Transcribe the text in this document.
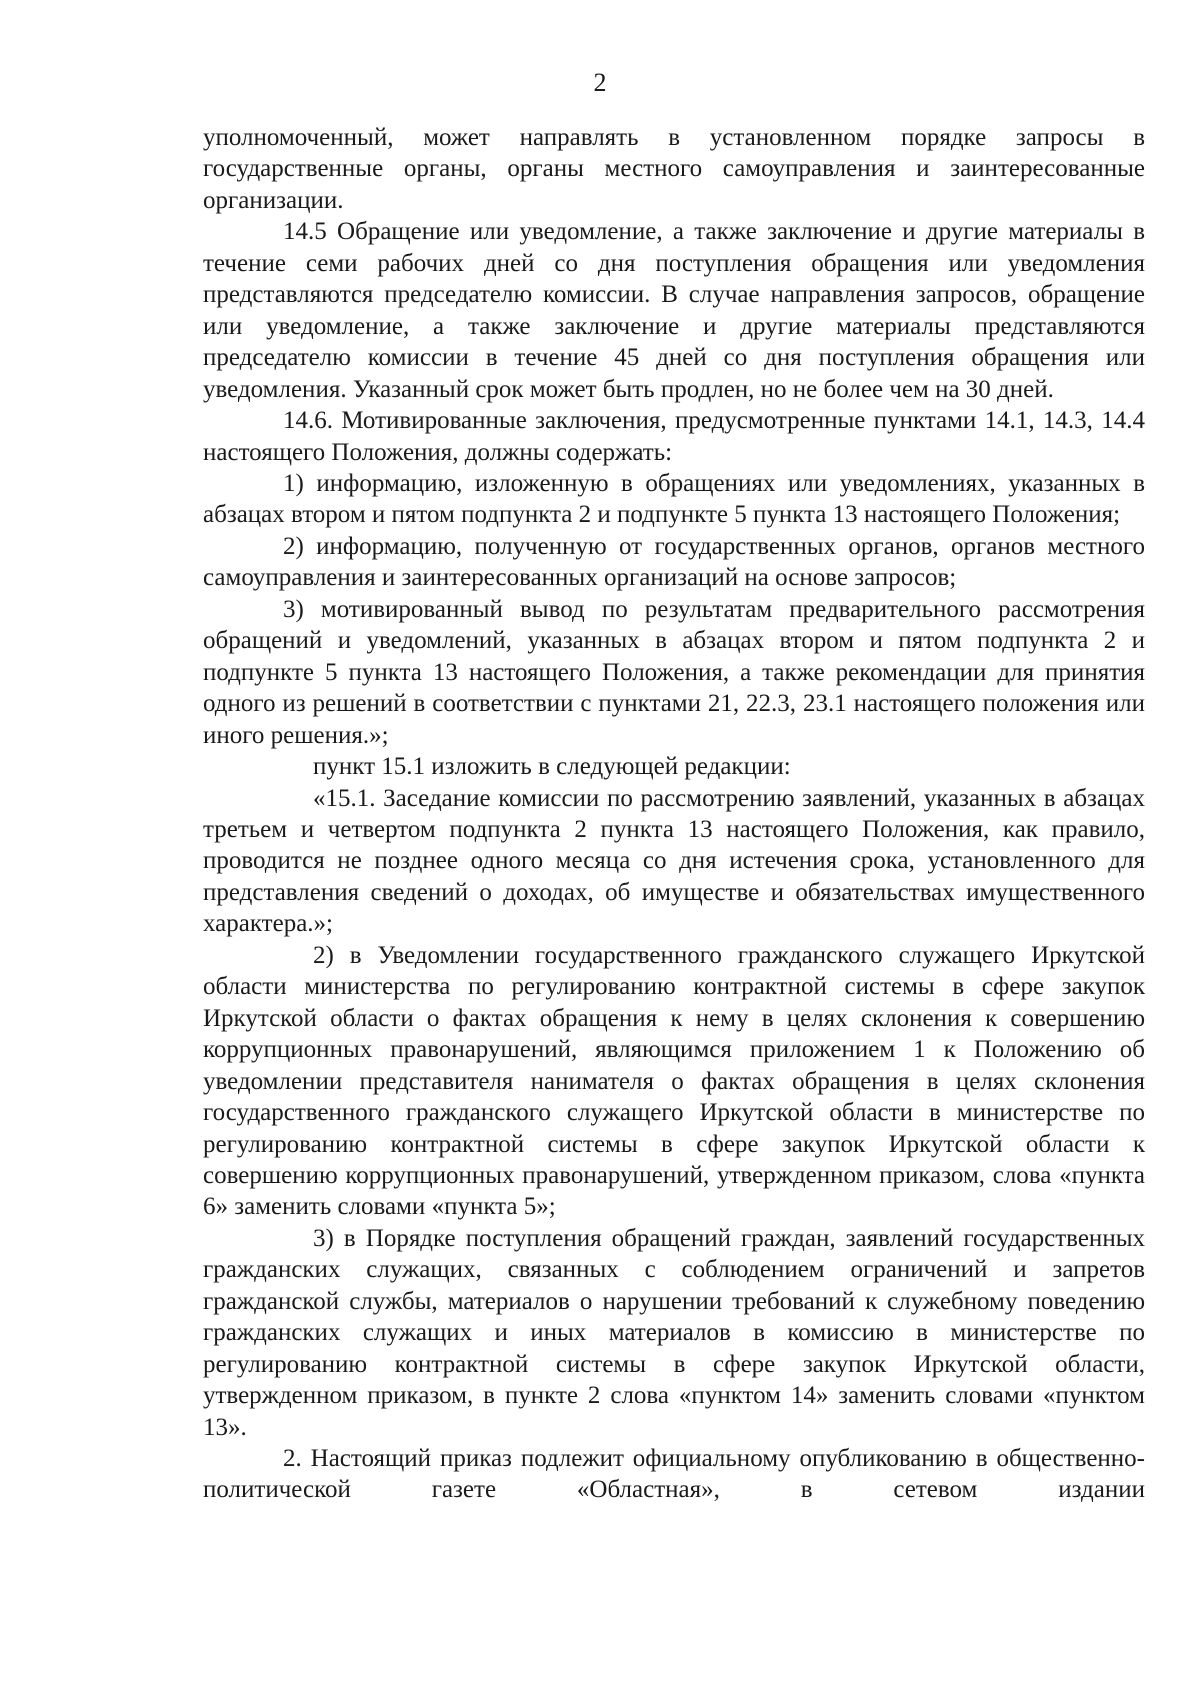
2

уполномоченный, может направлять в установленном порядке запросы в государственные органы, органы местного самоуправления и заинтересованные организации.

14.5 Обращение или уведомление, а также заключение и другие материалы в течение семи рабочих дней со дня поступления обращения или уведомления представляются председателю комиссии. В случае направления запросов, обращение или уведомление, а также заключение и другие материалы представляются председателю комиссии в течение 45 дней со дня поступления обращения или уведомления. Указанный срок может быть продлен, но не более чем на 30 дней.

14.6. Мотивированные заключения, предусмотренные пунктами 14.1, 14.3, 14.4 настоящего Положения, должны содержать:

1) информацию, изложенную в обращениях или уведомлениях, указанных в абзацах втором и пятом подпункта 2 и подпункте 5 пункта 13 настоящего Положения;

2) информацию, полученную от государственных органов, органов местного самоуправления и заинтересованных организаций на основе запросов;

3) мотивированный вывод по результатам предварительного рассмотрения обращений и уведомлений, указанных в абзацах втором и пятом подпункта 2 и подпункте 5 пункта 13 настоящего Положения, а также рекомендации для принятия одного из решений в соответствии с пунктами 21, 22.3, 23.1 настоящего положения или иного решения.»;

пункт 15.1 изложить в следующей редакции:

«15.1. Заседание комиссии по рассмотрению заявлений, указанных в абзацах третьем и четвертом подпункта 2 пункта 13 настоящего Положения, как правило, проводится не позднее одного месяца со дня истечения срока, установленного для представления сведений о доходах, об имуществе и обязательствах имущественного характера.»;

2) в Уведомлении государственного гражданского служащего Иркутской области министерства по регулированию контрактной системы в сфере закупок Иркутской области о фактах обращения к нему в целях склонения к совершению коррупционных правонарушений, являющимся приложением 1 к Положению об уведомлении представителя нанимателя о фактах обращения в целях склонения государственного гражданского служащего Иркутской области в министерстве по регулированию контрактной системы в сфере закупок Иркутской области к совершению коррупционных правонарушений, утвержденном приказом, слова «пункта 6» заменить словами «пункта 5»;

3) в Порядке поступления обращений граждан, заявлений государственных гражданских служащих, связанных с соблюдением ограничений и запретов гражданской службы, материалов о нарушении требований к служебному поведению гражданских служащих и иных материалов в комиссию в министерстве по регулированию контрактной системы в сфере закупок Иркутской области, утвержденном приказом, в пункте 2 слова «пунктом 14» заменить словами «пунктом 13».

2. Настоящий приказ подлежит официальному опубликованию в общественно-политической газете «Областная», в сетевом издании
